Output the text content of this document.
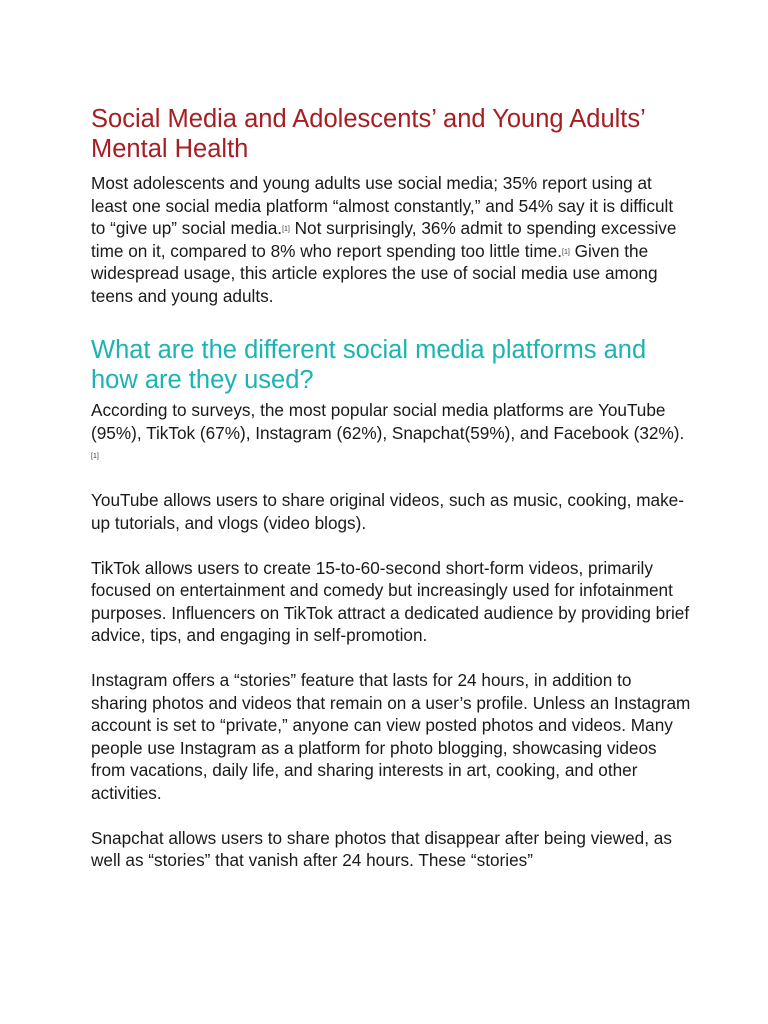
Social Media and Adolescents’ and Young Adults’ Mental Health

Most adolescents and young adults use social media; 35% report using at least one social media platform “almost constantly,” and 54% say it is difficult to “give up” social media.[1] Not surprisingly, 36% admit to spending excessive time on it, compared to 8% who report spending too little time.[1] Given the widespread usage, this article explores the use of social media use among teens and young adults.

What are the different social media platforms and how are they used?

According to surveys, the most popular social media platforms are YouTube (95%), TikTok (67%), Instagram (62%), Snapchat(59%), and Facebook (32%).[1]

YouTube allows users to share original videos, such as music, cooking, make-up tutorials, and vlogs (video blogs).

TikTok allows users to create 15-to-60-second short-form videos, primarily focused on entertainment and comedy but increasingly used for infotainment purposes. Influencers on TikTok attract a dedicated audience by providing brief advice, tips, and engaging in self-promotion.

Instagram offers a “stories” feature that lasts for 24 hours, in addition to sharing photos and videos that remain on a user’s profile. Unless an Instagram account is set to “private,” anyone can view posted photos and videos. Many people use Instagram as a platform for photo blogging, showcasing videos from vacations, daily life, and sharing interests in art, cooking, and other activities.

Snapchat allows users to share photos that disappear after being viewed, as well as “stories” that vanish after 24 hours. These “stories”
